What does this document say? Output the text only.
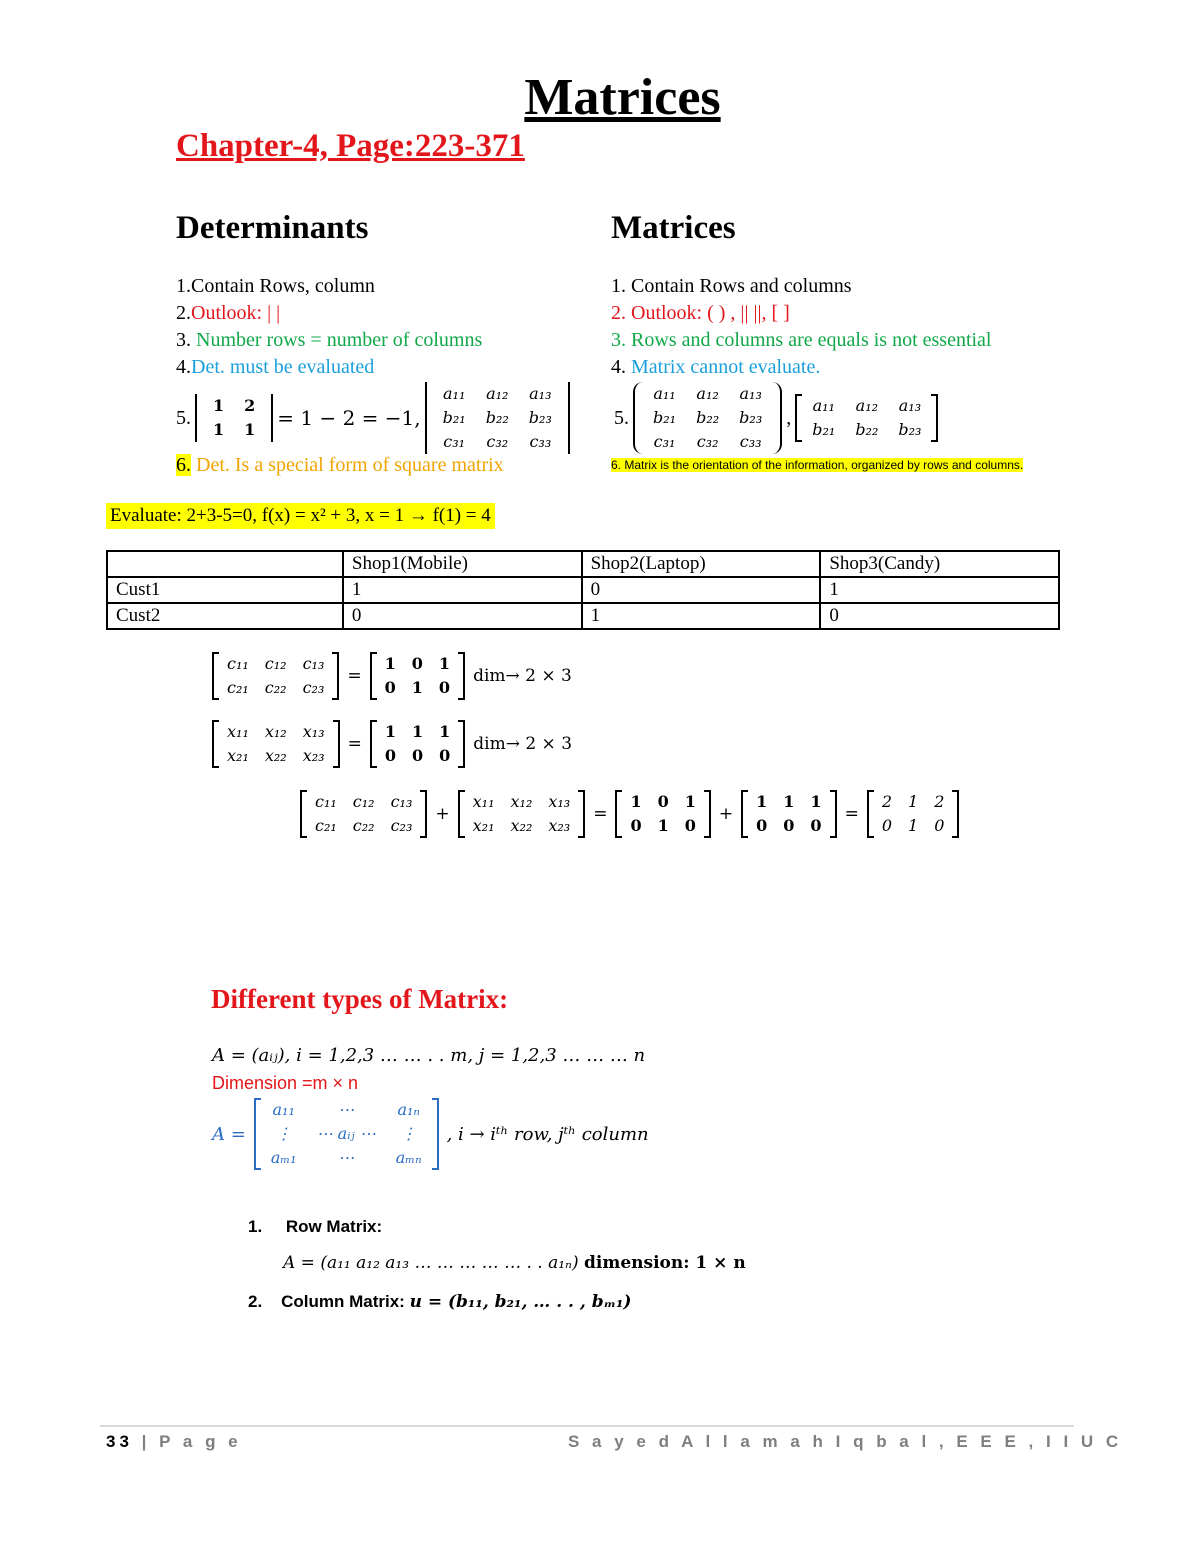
Matrices
Chapter-4, Page:223-371
Determinants
1.Contain Rows, column
2.Outlook: | |
3. Number rows = number of columns
4.Det. must be evaluated
5.
1	2
1	1 = 1 − 2 = −1,
a₁₁	a₁₂	a₁₃
b₂₁	b₂₂	b₂₃
c₃₁	c₃₂	c₃₃
6. Det. Is a special form of square matrix
Matrices
1. Contain Rows and columns
2. Outlook: ( ) , || ||, [ ]
3. Rows and columns are equals is not essential
4. Matrix cannot evaluate.
5.
a₁₁	a₁₂	a₁₃
b₂₁	b₂₂	b₂₃
c₃₁	c₃₂	c₃₃
,
a₁₁	a₁₂	a₁₃
b₂₁	b₂₂	b₂₃
6. Matrix is the orientation of the information, organized by rows and columns.
Evaluate: 2+3-5=0, f(x) = x² + 3, x = 1 → f(1) = 4
	Shop1(Mobile)	Shop2(Laptop)	Shop3(Candy)
Cust1	1	0	1
Cust2	0	1	0
c₁₁	c₁₂	c₁₃
c₂₁	c₂₂	c₂₃
=
1	0	1
0	1	0
dim→ 2 × 3
x₁₁	x₁₂	x₁₃
x₂₁	x₂₂	x₂₃
=
1	1	1
0	0	0
dim→ 2 × 3
c₁₁	c₁₂	c₁₃
c₂₁	c₂₂	c₂₃
+
x₁₁	x₁₂	x₁₃
x₂₁	x₂₂	x₂₃
=
1	0	1
0	1	0
+
1	1	1
0	0	0
=
2	1	2
0	1	0
Different types of Matrix:
A = (aᵢⱼ), i = 1,2,3 … … . . m, j = 1,2,3 … … … n
Dimension =m × n
A =
a₁₁	⋯	a₁ₙ
⋮	⋯ aᵢⱼ ⋯	⋮
aₘ₁	⋯	aₘₙ
, i → iᵗʰ row, jᵗʰ column
1. Row Matrix:
A = (a₁₁ a₁₂ a₁₃ … … … … … . . a₁ₙ) dimension: 1 × n
2. Column Matrix: u = (b₁₁, b₂₁, … . . , bₘ₁)
33 | P a g e	S a y e d A l l a m a h I q b a l , E E E , I I U C
